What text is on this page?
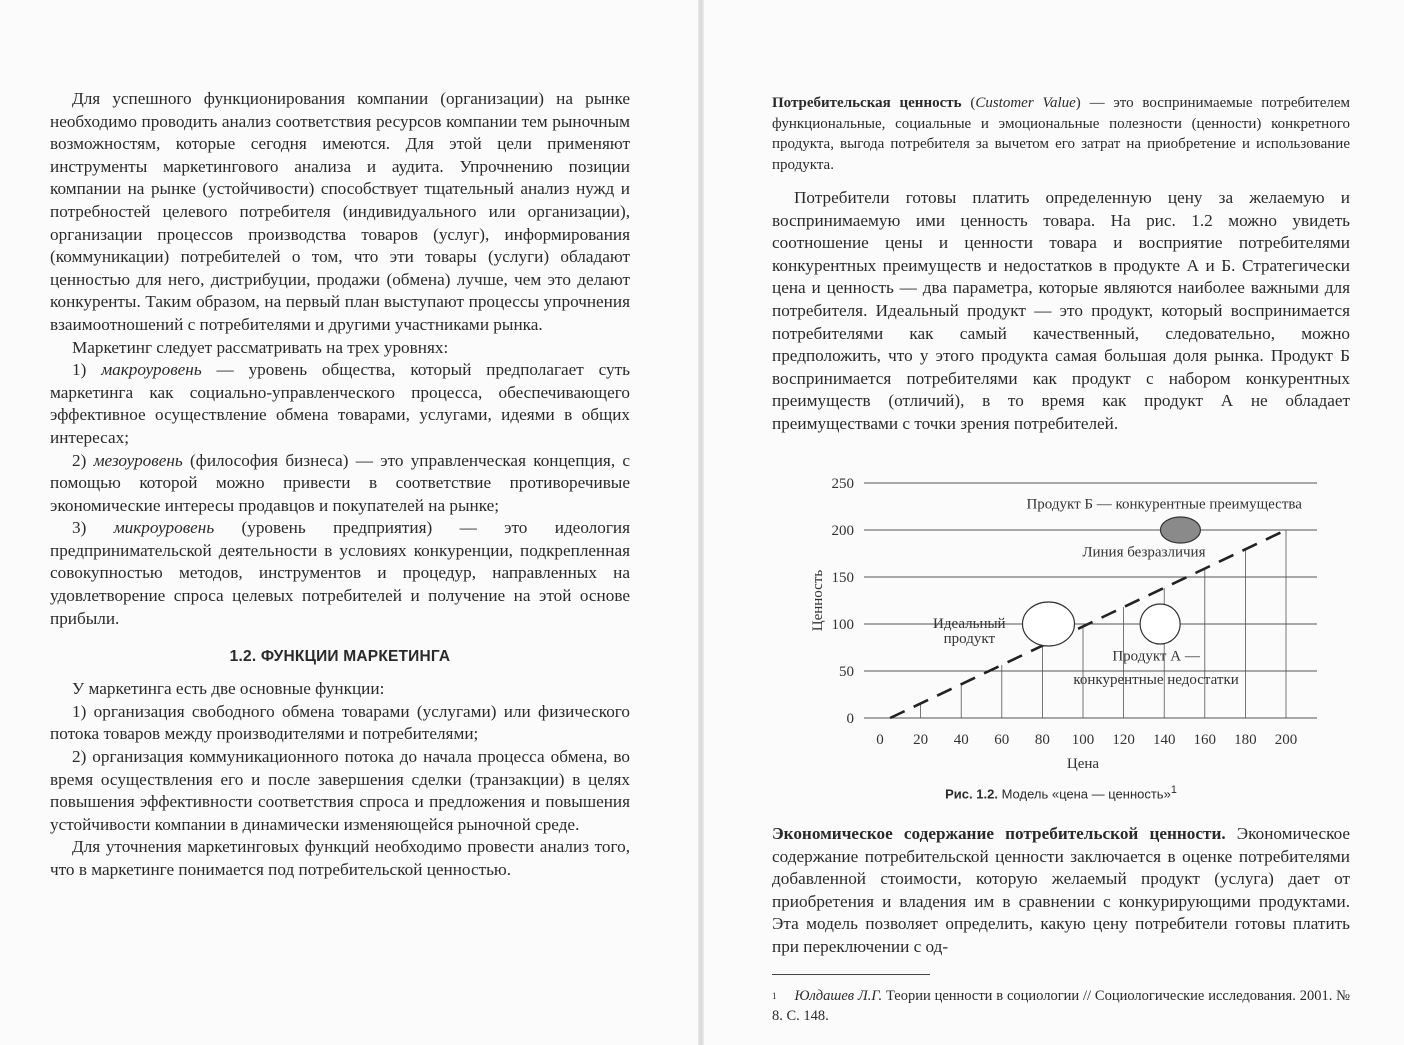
Для успешного функционирования компании (организации) на рынке необходимо проводить анализ соответствия ресурсов компании тем рыночным возможностям, которые сегодня имеются. Для этой цели применяют инструменты маркетингового анализа и аудита. Упрочнению позиции компании на рынке (устойчивости) способствует тщательный анализ нужд и потребностей целевого потребителя (индивидуального или организации), организации процессов производства товаров (услуг), информирования (коммуникации) потребителей о том, что эти товары (услуги) обладают ценностью для него, дистрибуции, продажи (обмена) лучше, чем это делают конкуренты. Таким образом, на первый план выступают процессы упрочнения взаимоотношений с потребителями и другими участниками рынка.

Маркетинг следует рассматривать на трех уровнях:

1) макроуровень — уровень общества, который предполагает суть маркетинга как социально-управленческого процесса, обеспечивающего эффективное осуществление обмена товарами, услугами, идеями в общих интересах;

2) мезоуровень (философия бизнеса) — это управленческая концепция, с помощью которой можно привести в соответствие противоречивые экономические интересы продавцов и покупателей на рынке;

3) микроуровень (уровень предприятия) — это идеология предпринимательской деятельности в условиях конкуренции, подкрепленная совокупностью методов, инструментов и процедур, направленных на удовлетворение спроса целевых потребителей и получение на этой основе прибыли.

1.2. ФУНКЦИИ МАРКЕТИНГА

У маркетинга есть две основные функции:

1) организация свободного обмена товарами (услугами) или физического потока товаров между производителями и потребителями;

2) организация коммуникационного потока до начала процесса обмена, во время осуществления его и после завершения сделки (транзакции) в целях повышения эффективности соответствия спроса и предложения и повышения устойчивости компании в динамически изменяющейся рыночной среде.

Для уточнения маркетинговых функций необходимо провести анализ того, что в маркетинге понимается под потребительской ценностью.

Потребительская ценность (Customer Value) — это воспринимаемые потребителем функциональные, социальные и эмоциональные полезности (ценности) конкретного продукта, выгода потребителя за вычетом его затрат на приобретение и использование продукта.

Потребители готовы платить определенную цену за желаемую и воспринимаемую ими ценность товара. На рис. 1.2 можно увидеть соотношение цены и ценности товара и восприятие потребителями конкурентных преимуществ и недостатков в продукте А и Б. Стратегически цена и ценность — два параметра, которые являются наиболее важными для потребителя. Идеальный продукт — это продукт, который воспринимается потребителями как самый качественный, следовательно, можно предположить, что у этого продукта самая большая доля рынка. Продукт Б воспринимается потребителями как продукт с набором конкурентных преимуществ (отличий), в то время как продукт А не обладает преимуществами с точки зрения потребителей.

0
50
100
150
200
250
0 20 40 60 80 100 120 140 160 180 200
Линия безразличия
Идеальный
продукт
Продукт А —
конкурентные недостатки
Продукт Б — конкурентные преимущества
Цена
Ценность
Рис. 1.2. Модель «цена — ценность»$^1$

Экономическое содержание потребительской ценности. Экономическое содержание потребительской ценности заключается в оценке потребителями добавленной стоимости, которую желаемый продукт (услуга) дает от приобретения и владения им в сравнении с конкурирующими продуктами. Эта модель позволяет определить, какую цену потребители готовы платить при переключении с од-

$^1$ Юлдашев Л.Г. Теории ценности в социологии // Социологические исследования. 2001. № 8. С. 148.
